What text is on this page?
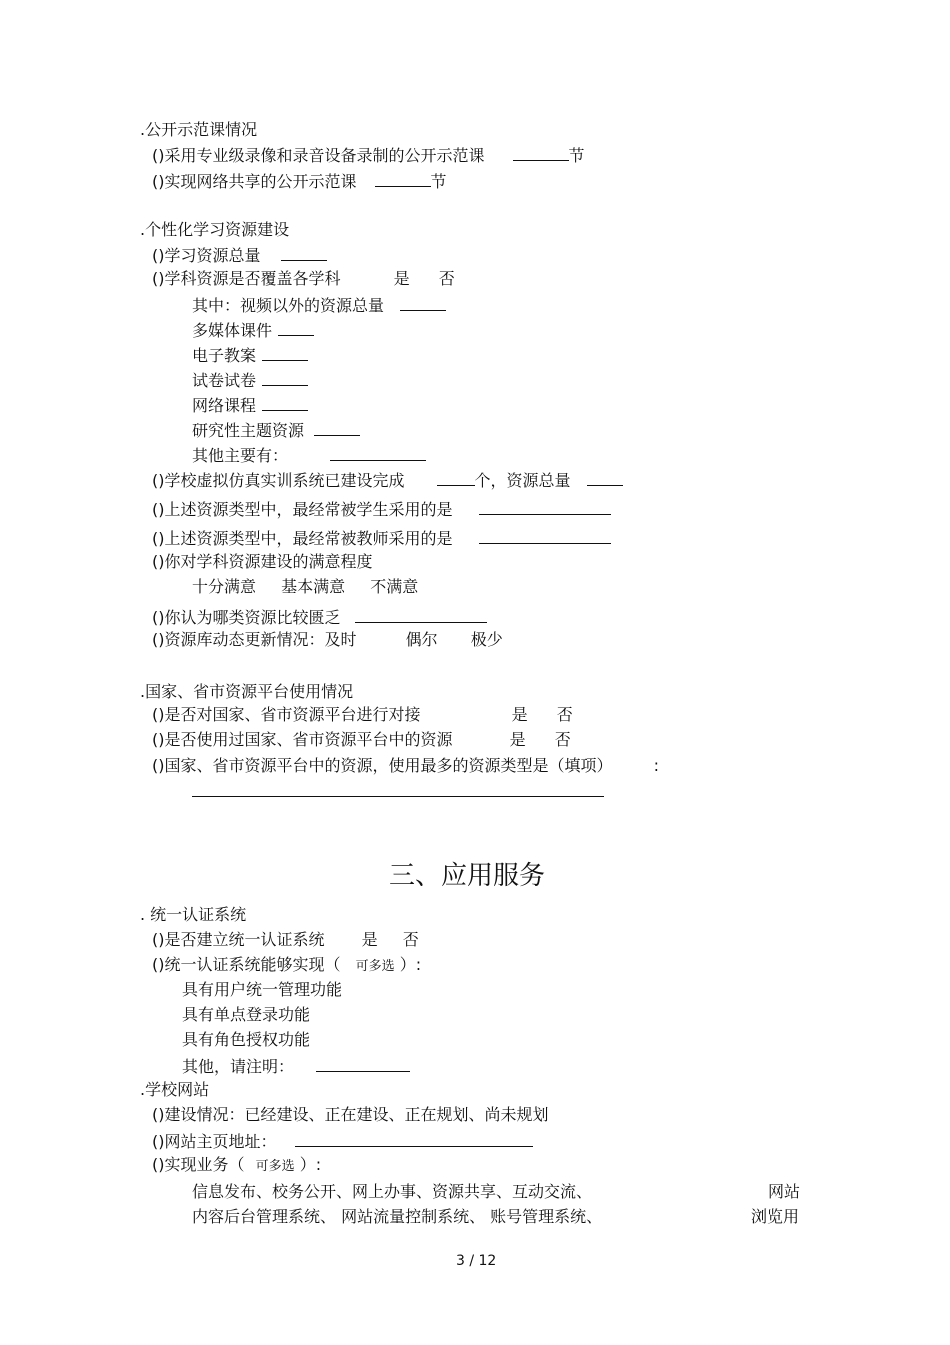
.公开示范课情况
()采用专业级录像和录音设备录制的公开示范课	节
()实现网络共享的公开示范课	节
.个性化学习资源建设
()学习资源总量
()学科资源是否覆盖各学科	是 否
其中：视频以外的资源总量
多媒体课件
电子教案
试卷试卷
网络课程
研究性主题资源
其他主要有：
()学校虚拟仿真实训系统已建设完成	个，资源总量
()上述资源类型中，最经常被学生采用的是
()上述资源类型中，最经常被教师采用的是
()你对学科资源建设的满意程度
十分满意 基本满意 不满意
()你认为哪类资源比较匮乏
()资源库动态更新情况：及时	偶尔 极少
.国家、省市资源平台使用情况
()是否对国家、省市资源平台进行对接	是 否
()是否使用过国家、省市资源平台中的资源	是 否
()国家、省市资源平台中的资源，使用最多的资源类型是（填项）	:
三、应用服务
. 统一认证系统
()是否建立统一认证系统 是 否
()统一认证系统能够实现（ 可多选 ）:
具有用户统一管理功能
具有单点登录功能
具有角色授权功能
其他，请注明：
.学校网站
()建设情况：已经建设、正在建设、正在规划、尚未规划
()网站主页地址：
()实现业务（ 可多选 ）:
信息发布、校务公开、网上办事、资源共享、互动交流、	网站
内容后台管理系统、 网站流量控制系统、 账号管理系统、	浏览用
3 / 12
